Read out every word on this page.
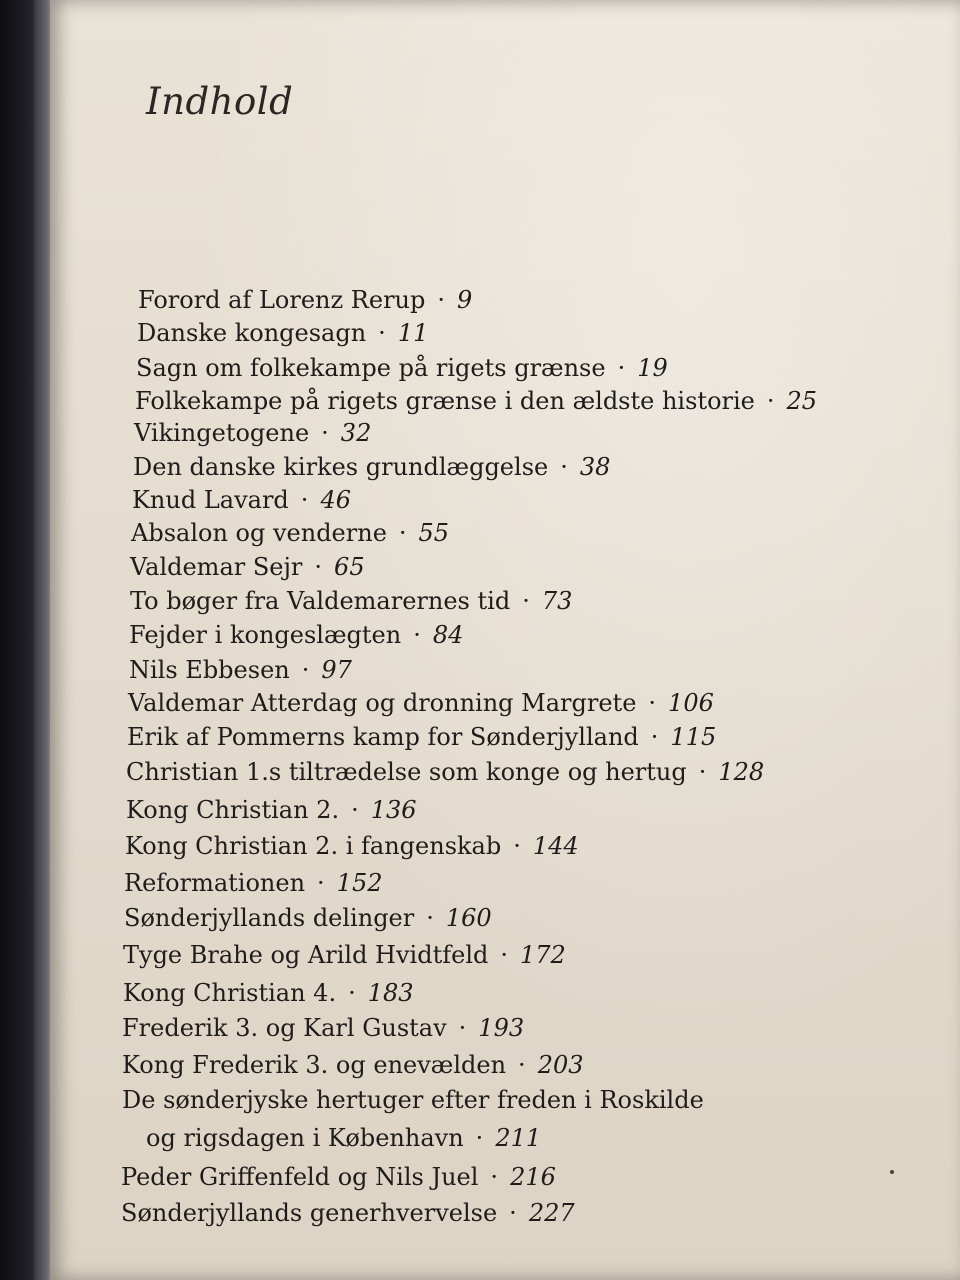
Indhold
Forord af Lorenz Rerup · 9
Danske kongesagn · 11
Sagn om folkekampe på rigets grænse · 19
Folkekampe på rigets grænse i den ældste historie · 25
Vikingetogene · 32
Den danske kirkes grundlæggelse · 38
Knud Lavard · 46
Absalon og venderne · 55
Valdemar Sejr · 65
To bøger fra Valdemarernes tid · 73
Fejder i kongeslægten · 84
Nils Ebbesen · 97
Valdemar Atterdag og dronning Margrete · 106
Erik af Pommerns kamp for Sønderjylland · 115
Christian 1.s tiltrædelse som konge og hertug · 128
Kong Christian 2. · 136
Kong Christian 2. i fangenskab · 144
Reformationen · 152
Sønderjyllands delinger · 160
Tyge Brahe og Arild Hvidtfeld · 172
Kong Christian 4. · 183
Frederik 3. og Karl Gustav · 193
Kong Frederik 3. og enevælden · 203
De sønderjyske hertuger efter freden i Roskilde
og rigsdagen i København · 211
Peder Griffenfeld og Nils Juel · 216
Sønderjyllands generhvervelse · 227
